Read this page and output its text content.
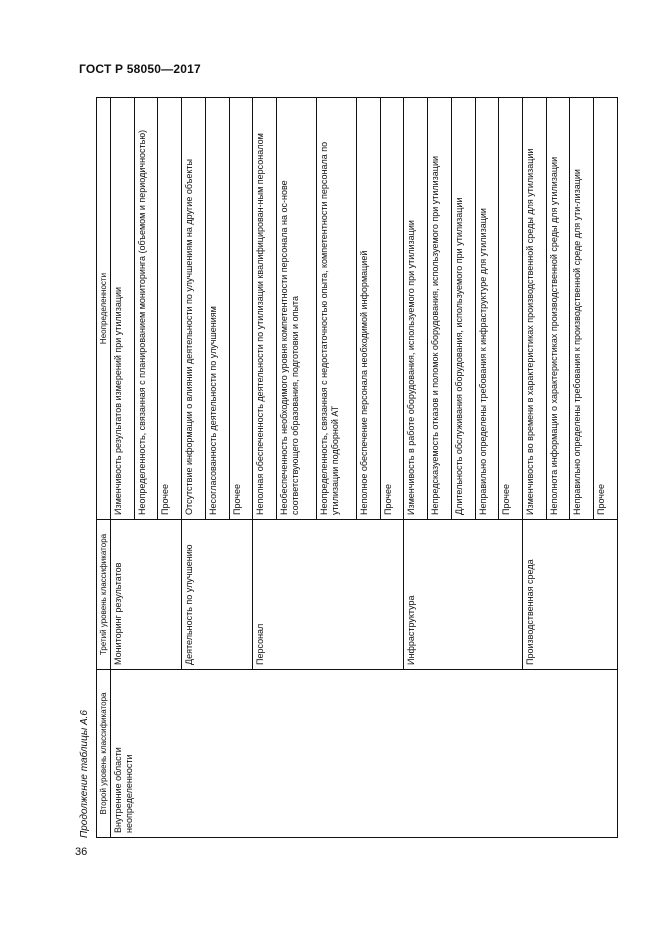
ГОСТ Р 58050—2017
Продолжение таблицы А.6 Второй уровень классификатора	Третий уровень классификатора	Неопределенности
Внутренние области неопределенности	Мониторинг результатов	Изменчивость результатов измерений при утилизации
		Неопределенность, связанная с планированием мониторинга (объемом и периодичностью)
		Прочее
	Деятельность по улучшению	Отсутствие информации о влиянии деятельности по улучшениям на другие объекты
		Несогласованность деятельности по улучшениям
		Прочее
	Персонал	Неполная обеспеченность деятельности по утилизации квалифицирован-ным персоналом
		Необеспеченность необходимого уровня компетентности персонала на ос-нове соответствующего образования, подготовки и опыта
		Неопределенность, связанная с недостаточностью опыта, компетентности персонала по утилизации подборной АТ
		Неполное обеспечение персонала необходимой информацией
		Прочее
	Инфраструктура	Изменчивость в работе оборудования, используемого при утилизации
		Непредсказуемость отказов и поломок оборудования, используемого при утилизации
		Длительность обслуживания оборудования, используемого при утилизации
		Неправильно определены требования к инфраструктуре для утилизации
		Прочее
	Производственная среда	Изменчивость во времени в характеристиках производственной среды для утилизации
		Неполнота информации о характеристиках производственной среды для утилизации
		Неправильно определены требования к производственной среде для ути-лизации
		Прочее
36
